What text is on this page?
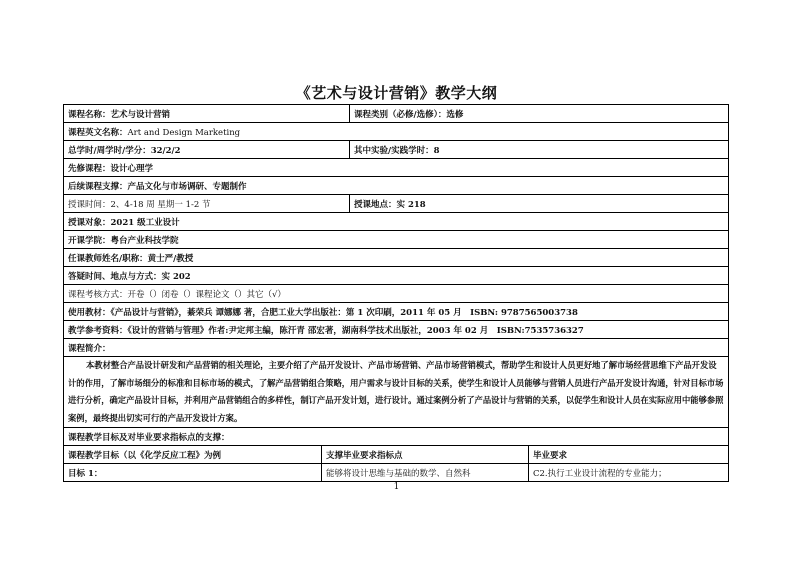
《艺术与设计营销》教学大纲
课程名称：艺术与设计营销		课程类别（必修/选修）：选修	
课程英文名称：Art and Design Marketing			
总学时/周学时/学分：32/2/2		其中实验/实践学时：8	
先修课程：设计心理学			
后续课程支撑：产品文化与市场调研、专题制作			
授课时间：2、4-18 周 星期一 1-2 节		授课地点：实 218	
授课对象：2021 级工业设计			
开课学院：粤台产业科技学院			
任课教师姓名/职称：黄士严/教授			
答疑时间、地点与方式：实 202			
课程考核方式：开卷（）闭卷（）课程论文（）其它（√）			
使用教材：《产品设计与营销》，綦荣兵 谭娜娜 著，合肥工业大学出版社：第 1 次印刷，2011 年 05 月　ISBN: 9787565003738			
教学参考资料：《设计的营销与管理》作者:尹定邦主编，陈汗青 邵宏著，湖南科学技术出版社，2003 年 02 月　ISBN:7535736327			
课程简介：			
本教材整合产品设计研发和产品营销的相关理论，主要介绍了产品开发设计、产品市场营销、产品市场营销模式，帮助学生和设计人员更好地了解市场经营思维下产品开发设计的作用，了解市场细分的标准和目标市场的模式，了解产品营销组合策略，用户需求与设计目标的关系，使学生和设计人员能够与营销人员进行产品开发设计沟通，针对目标市场进行分析，确定产品设计目标，并利用产品营销组合的多样性，制订产品开发计划，进行设计。通过案例分析了产品设计与营销的关系，以促学生和设计人员在实际应用中能够参照案例，最终提出切实可行的产品开发设计方案。			
课程教学目标及对毕业要求指标点的支撑：			
课程教学目标（以《化学反应工程》为例	支撑毕业要求指标点		毕业要求
目标 1：	能够将设计思维与基础的数学、自然科		C2.执行工业设计流程的专业能力；
1
